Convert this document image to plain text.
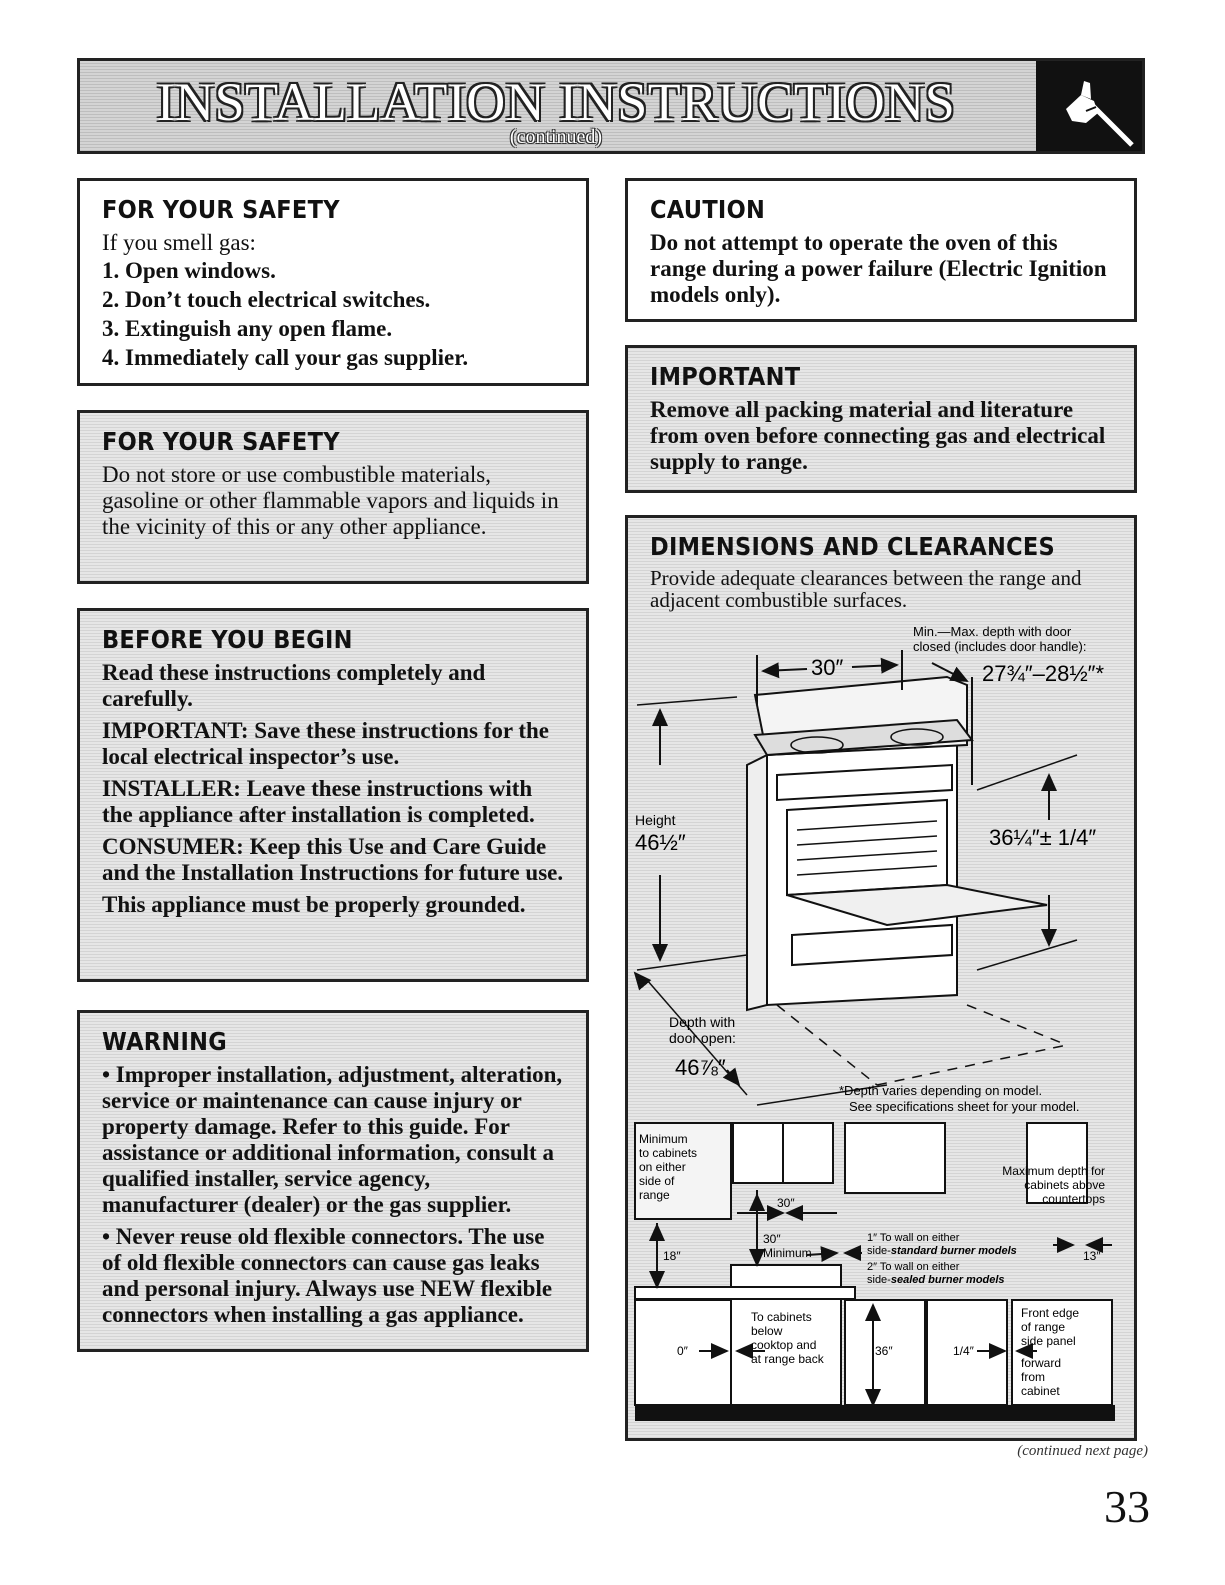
INSTALLATION INSTRUCTIONS
(continued)
FOR YOUR SAFETY

If you smell gas:

1. Open windows.
2. Don’t touch electrical switches.
3. Extinguish any open flame.
4. Immediately call your gas supplier.
FOR YOUR SAFETY

Do not store or use combustible materials, gasoline or other flammable vapors and liquids in the vicinity of this or any other appliance.

BEFORE YOU BEGIN

Read these instructions completely and carefully.

IMPORTANT: Save these instructions for the local electrical inspector’s use.

INSTALLER: Leave these instructions with the appliance after installation is completed.

CONSUMER: Keep this Use and Care Guide and the Installation Instructions for future use.

This appliance must be properly grounded.

WARNING

• Improper installation, adjustment, alteration, service or maintenance can cause injury or property damage. Refer to this guide. For assistance or additional information, consult a qualified installer, service agency, manufacturer (dealer) or the gas supplier.

• Never reuse old flexible connectors. The use of old flexible connectors can cause gas leaks and personal injury. Always use NEW flexible connectors when installing a gas appliance.

CAUTION

Do not attempt to operate the oven of this range during a power failure (Electric Ignition models only).

IMPORTANT

Remove all packing material and literature from oven before connecting gas and electrical supply to range.

DIMENSIONS AND CLEARANCES

Provide adequate clearances between the range and adjacent combustible surfaces.

Min.—Max. depth with door
closed (includes door handle):
27¾″–28½″*
30″
Height
46½″	36¼″± 1/4″
Depth with
door open:
46⅞″
*Depth varies depending on model.
See specifications sheet for your model.
Minimum
to cabinets
on either
side of
range
18″
30″
30″
Minimum
Maximum depth for
cabinets above
countertops
13″
1″ To wall on either
side-standard burner models
2″ To wall on either
side-sealed burner models
0″
To cabinets
below
cooktop and
at range back
36″	1/4″
Front edge
of range
side panel
forward
from
cabinet
(continued next page)
33
